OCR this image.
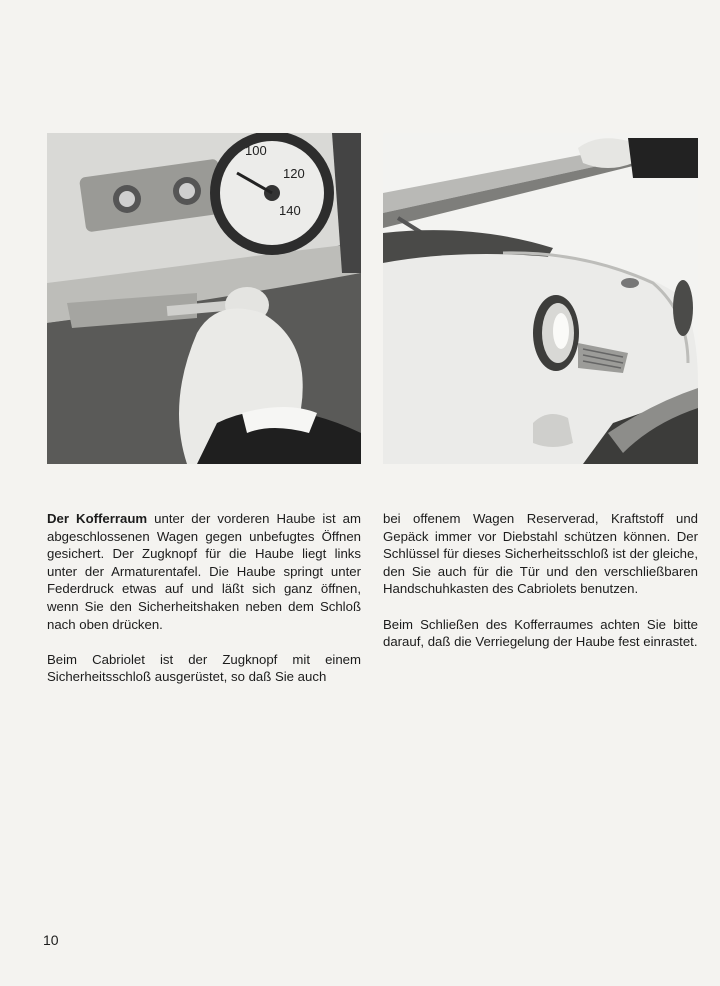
100
120
140

Der Kofferraum unter der vorderen Haube ist am abgeschlossenen Wagen gegen unbefugtes Öffnen gesichert. Der Zugknopf für die Haube liegt links unter der Armaturentafel. Die Haube springt unter Federdruck etwas auf und läßt sich ganz öffnen, wenn Sie den Sicherheitshaken neben dem Schloß nach oben drücken.

Beim Cabriolet ist der Zugknopf mit einem Sicherheitsschloß ausgerüstet, so daß Sie auch

bei offenem Wagen Reserverad, Kraftstoff und Gepäck immer vor Diebstahl schützen können. Der Schlüssel für dieses Sicherheitsschloß ist der gleiche, den Sie auch für die Tür und den verschließbaren Handschuhkasten des Cabriolets benutzen.

Beim Schließen des Kofferraumes achten Sie bitte darauf, daß die Verriegelung der Haube fest einrastet.

10
